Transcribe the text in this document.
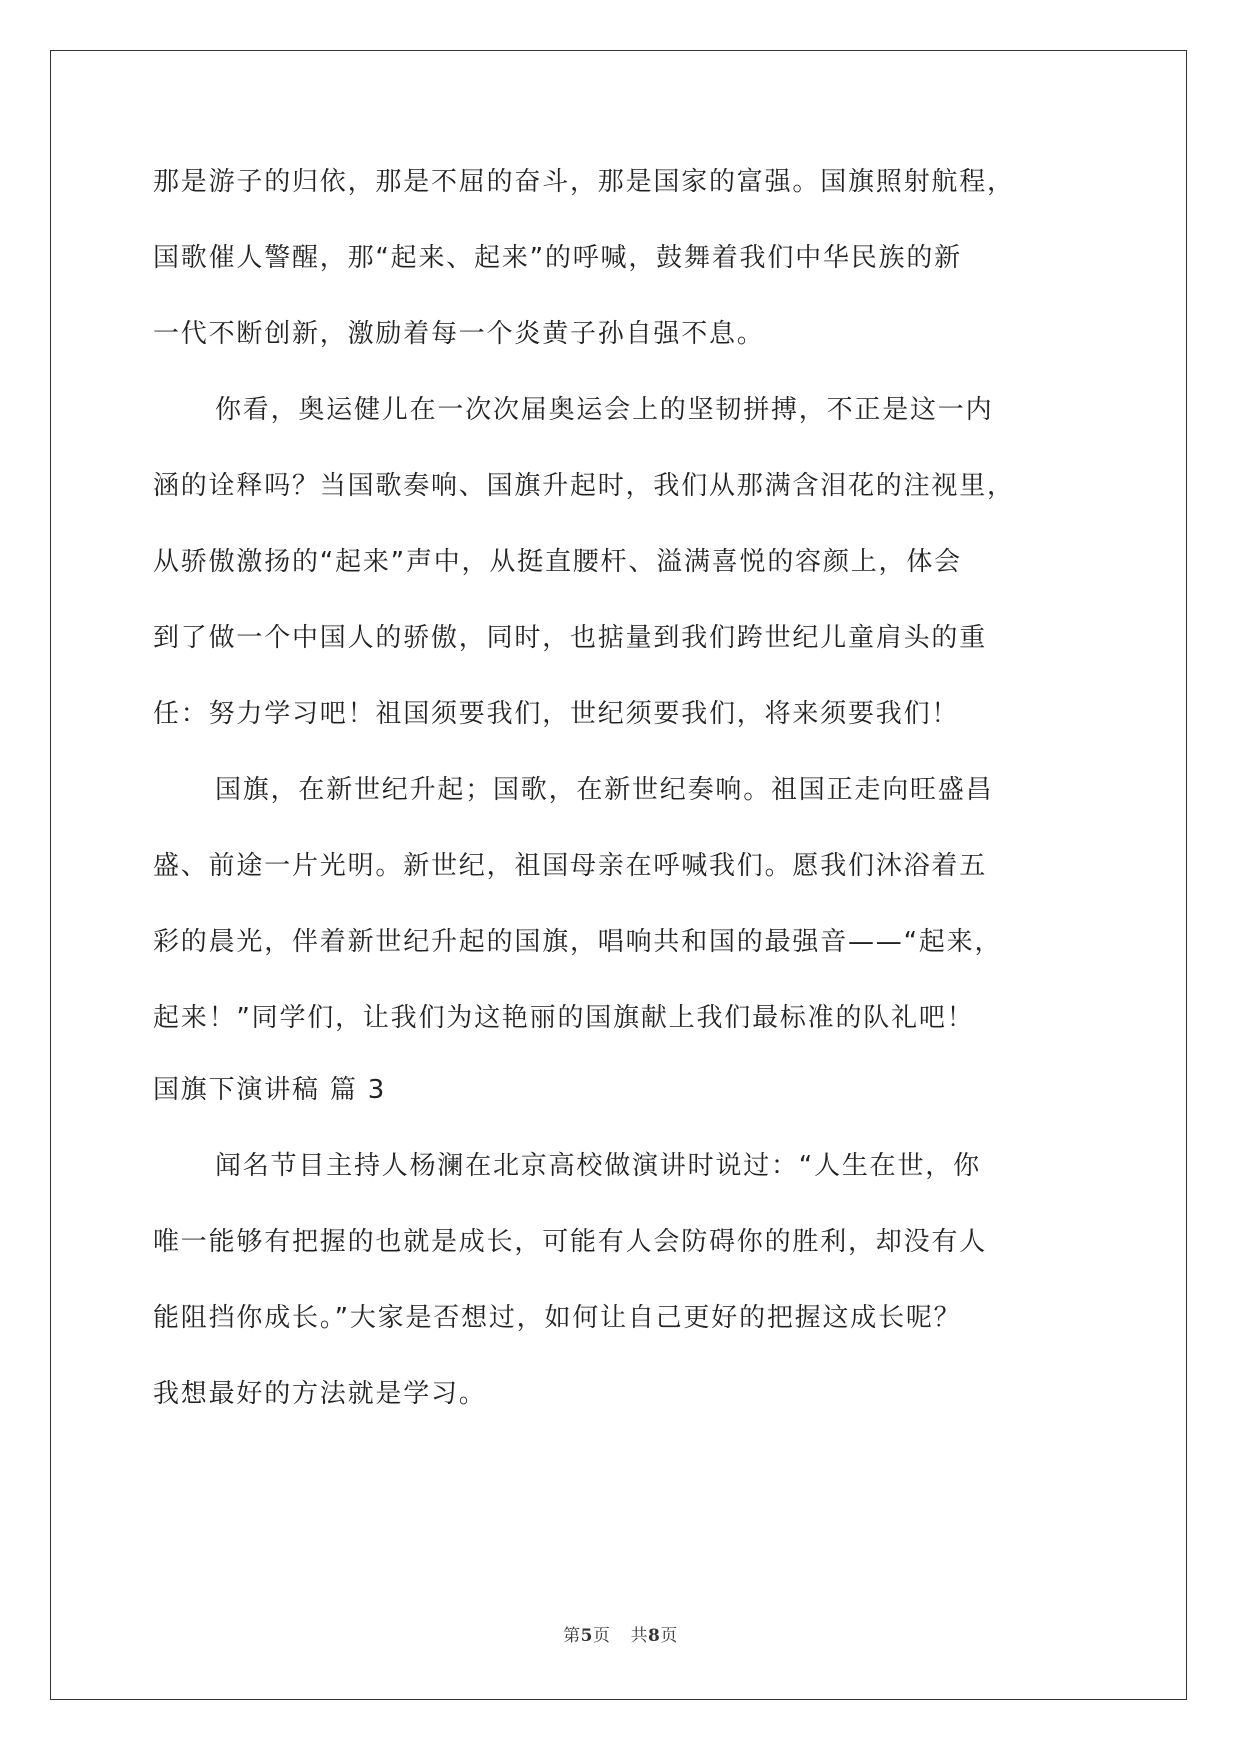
那是游子的归依，那是不屈的奋斗，那是国家的富强。国旗照射航程，
国歌催人警醒，那“起来、起来”的呼喊，鼓舞着我们中华民族的新
一代不断创新，激励着每一个炎黄子孙自强不息。
你看，奥运健儿在一次次届奥运会上的坚韧拼搏，不正是这一内
涵的诠释吗？当国歌奏响、国旗升起时，我们从那满含泪花的注视里，
从骄傲激扬的“起来”声中，从挺直腰杆、溢满喜悦的容颜上，体会
到了做一个中国人的骄傲，同时，也掂量到我们跨世纪儿童肩头的重
任：努力学习吧！祖国须要我们，世纪须要我们，将来须要我们！
国旗，在新世纪升起；国歌，在新世纪奏响。祖国正走向旺盛昌
盛、前途一片光明。新世纪，祖国母亲在呼喊我们。愿我们沐浴着五
彩的晨光，伴着新世纪升起的国旗，唱响共和国的最强音——“起来，
起来！”同学们，让我们为这艳丽的国旗献上我们最标准的队礼吧！
国旗下演讲稿 篇 3
闻名节目主持人杨澜在北京高校做演讲时说过：“人生在世，你
唯一能够有把握的也就是成长，可能有人会防碍你的胜利，却没有人
能阻挡你成长。”大家是否想过，如何让自己更好的把握这成长呢？
我想最好的方法就是学习。
第5页 共8页
